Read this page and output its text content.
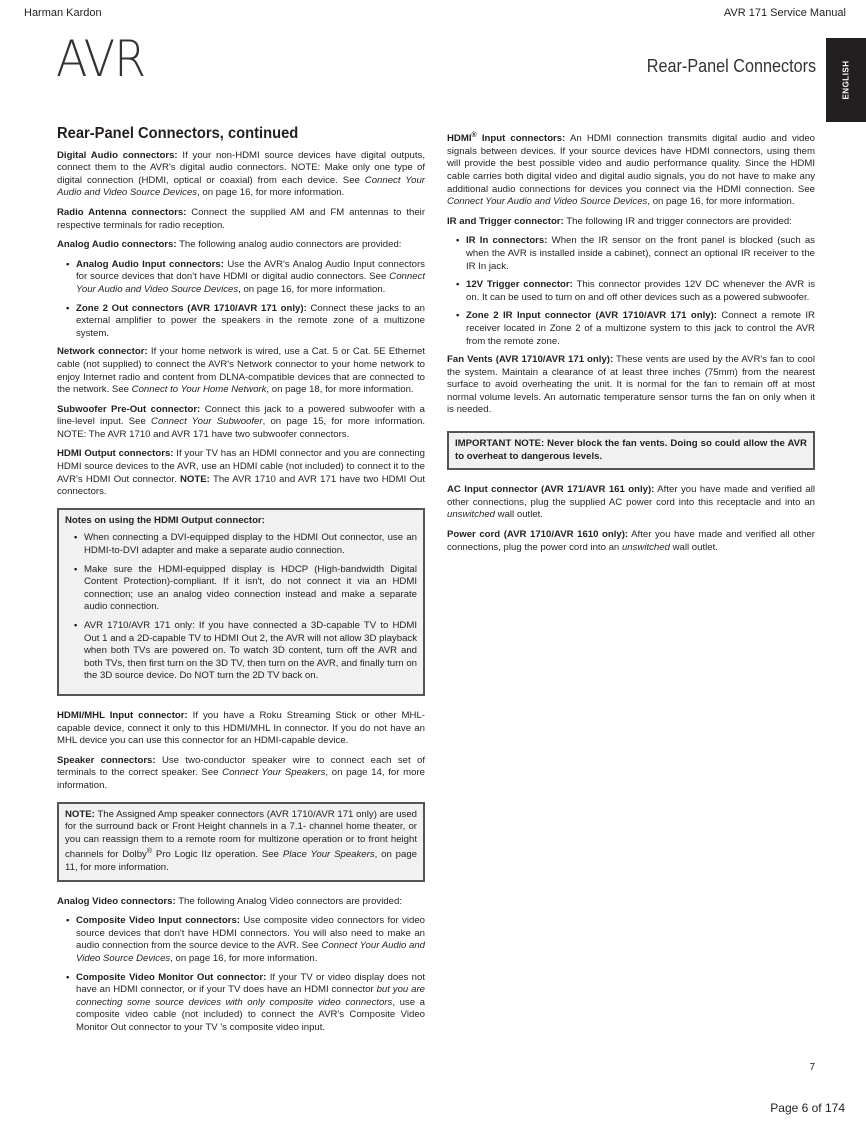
Harman Kardon	AVR 171 Service Manual
AVR	Rear-Panel Connectors	ENGLISH
Rear-Panel Connectors, continued

Digital Audio connectors: If your non-HDMI source devices have digital outputs, connect them to the AVR's digital audio connectors. NOTE: Make only one type of digital connection (HDMI, optical or coaxial) from each device. See Connect Your Audio and Video Source Devices, on page 16, for more information.

Radio Antenna connectors: Connect the supplied AM and FM antennas to their respective terminals for radio reception.

Analog Audio connectors: The following analog audio connectors are provided:

• Analog Audio Input connectors: Use the AVR's Analog Audio Input connectors for source devices that don't have HDMI or digital audio connectors. See Connect Your Audio and Video Source Devices, on page 16, for more information.
• Zone 2 Out connectors (AVR 1710/AVR 171 only): Connect these jacks to an external amplifier to power the speakers in the remote zone of a multizone system.

Network connector: If your home network is wired, use a Cat. 5 or Cat. 5E Ethernet cable (not supplied) to connect the AVR's Network connector to your home network to enjoy Internet radio and content from DLNA-compatible devices that are connected to the network. See Connect to Your Home Network, on page 18, for more information.

Subwoofer Pre-Out connector: Connect this jack to a powered subwoofer with a line-level input. See Connect Your Subwoofer, on page 15, for more information. NOTE: The AVR 1710 and AVR 171 have two subwoofer connectors.

HDMI Output connectors: If your TV has an HDMI connector and you are connecting HDMI source devices to the AVR, use an HDMI cable (not included) to connect it to the AVR's HDMI Out connector. NOTE: The AVR 1710 and AVR 171 have two HDMI Out connectors.

Notes on using the HDMI Output connector:
• When connecting a DVI-equipped display to the HDMI Out connector, use an HDMI-to-DVI adapter and make a separate audio connection.
• Make sure the HDMI-equipped display is HDCP (High-bandwidth Digital Content Protection)-compliant. If it isn't, do not connect it via an HDMI connection; use an analog video connection instead and make a separate audio connection.
• AVR 1710/AVR 171 only: If you have connected a 3D-capable TV to HDMI Out 1 and a 2D-capable TV to HDMI Out 2, the AVR will not allow 3D playback when both TVs are powered on. To watch 3D content, turn off the AVR and both TVs, then first turn on the 3D TV, then turn on the AVR, and finally turn on the 3D source device. Do NOT turn the 2D TV back on.

HDMI/MHL Input connector: If you have a Roku Streaming Stick or other MHL-capable device, connect it only to this HDMI/MHL In connector. If you do not have an MHL device you can use this connector for an HDMI-capable device.

Speaker connectors: Use two-conductor speaker wire to connect each set of terminals to the correct speaker. See Connect Your Speakers, on page 14, for more information.

NOTE: The Assigned Amp speaker connectors (AVR 1710/AVR 171 only) are used for the surround back or Front Height channels in a 7.1- channel home theater, or you can reassign them to a remote room for multizone operation or to front height channels for Dolby® Pro Logic IIz operation. See Place Your Speakers, on page 11, for more information.

Analog Video connectors: The following Analog Video connectors are provided:

• Composite Video Input connectors: Use composite video connectors for video source devices that don't have HDMI connectors. You will also need to make an audio connection from the source device to the AVR. See Connect Your Audio and Video Source Devices, on page 16, for more information.
• Composite Video Monitor Out connector: If your TV or video display does not have an HDMI connector, or if your TV does have an HDMI connector but you are connecting some source devices with only composite video connectors, use a composite video cable (not included) to connect the AVR's Composite Video Monitor Out connector to your TV 's composite video input.

HDMI® Input connectors: An HDMI connection transmits digital audio and video signals between devices. If your source devices have HDMI connectors, using them will provide the best possible video and audio performance quality. Since the HDMI cable carries both digital video and digital audio signals, you do not have to make any additional audio connections for devices you connect via the HDMI connection. See Connect Your Audio and Video Source Devices, on page 16, for more information.

IR and Trigger connector: The following IR and trigger connectors are provided:

• IR In connectors: When the IR sensor on the front panel is blocked (such as when the AVR is installed inside a cabinet), connect an optional IR receiver to the IR In jack.
• 12V Trigger connector: This connector provides 12V DC whenever the AVR is on. It can be used to turn on and off other devices such as a powered subwoofer.
• Zone 2 IR Input connector (AVR 1710/AVR 171 only): Connect a remote IR receiver located in Zone 2 of a multizone system to this jack to control the AVR from the remote zone.

Fan Vents (AVR 1710/AVR 171 only): These vents are used by the AVR's fan to cool the system. Maintain a clearance of at least three inches (75mm) from the nearest surface to avoid overheating the unit. It is normal for the fan to remain off at most normal volume levels. An automatic temperature sensor turns the fan on only when it is needed.

IMPORTANT NOTE: Never block the fan vents. Doing so could allow the AVR to overheat to dangerous levels.

AC Input connector (AVR 171/AVR 161 only): After you have made and verified all other connections, plug the supplied AC power cord into this receptacle and into an unswitched wall outlet.

Power cord (AVR 1710/AVR 1610 only): After you have made and verified all other connections, plug the power cord into an unswitched wall outlet.

7
Page 6 of 174
